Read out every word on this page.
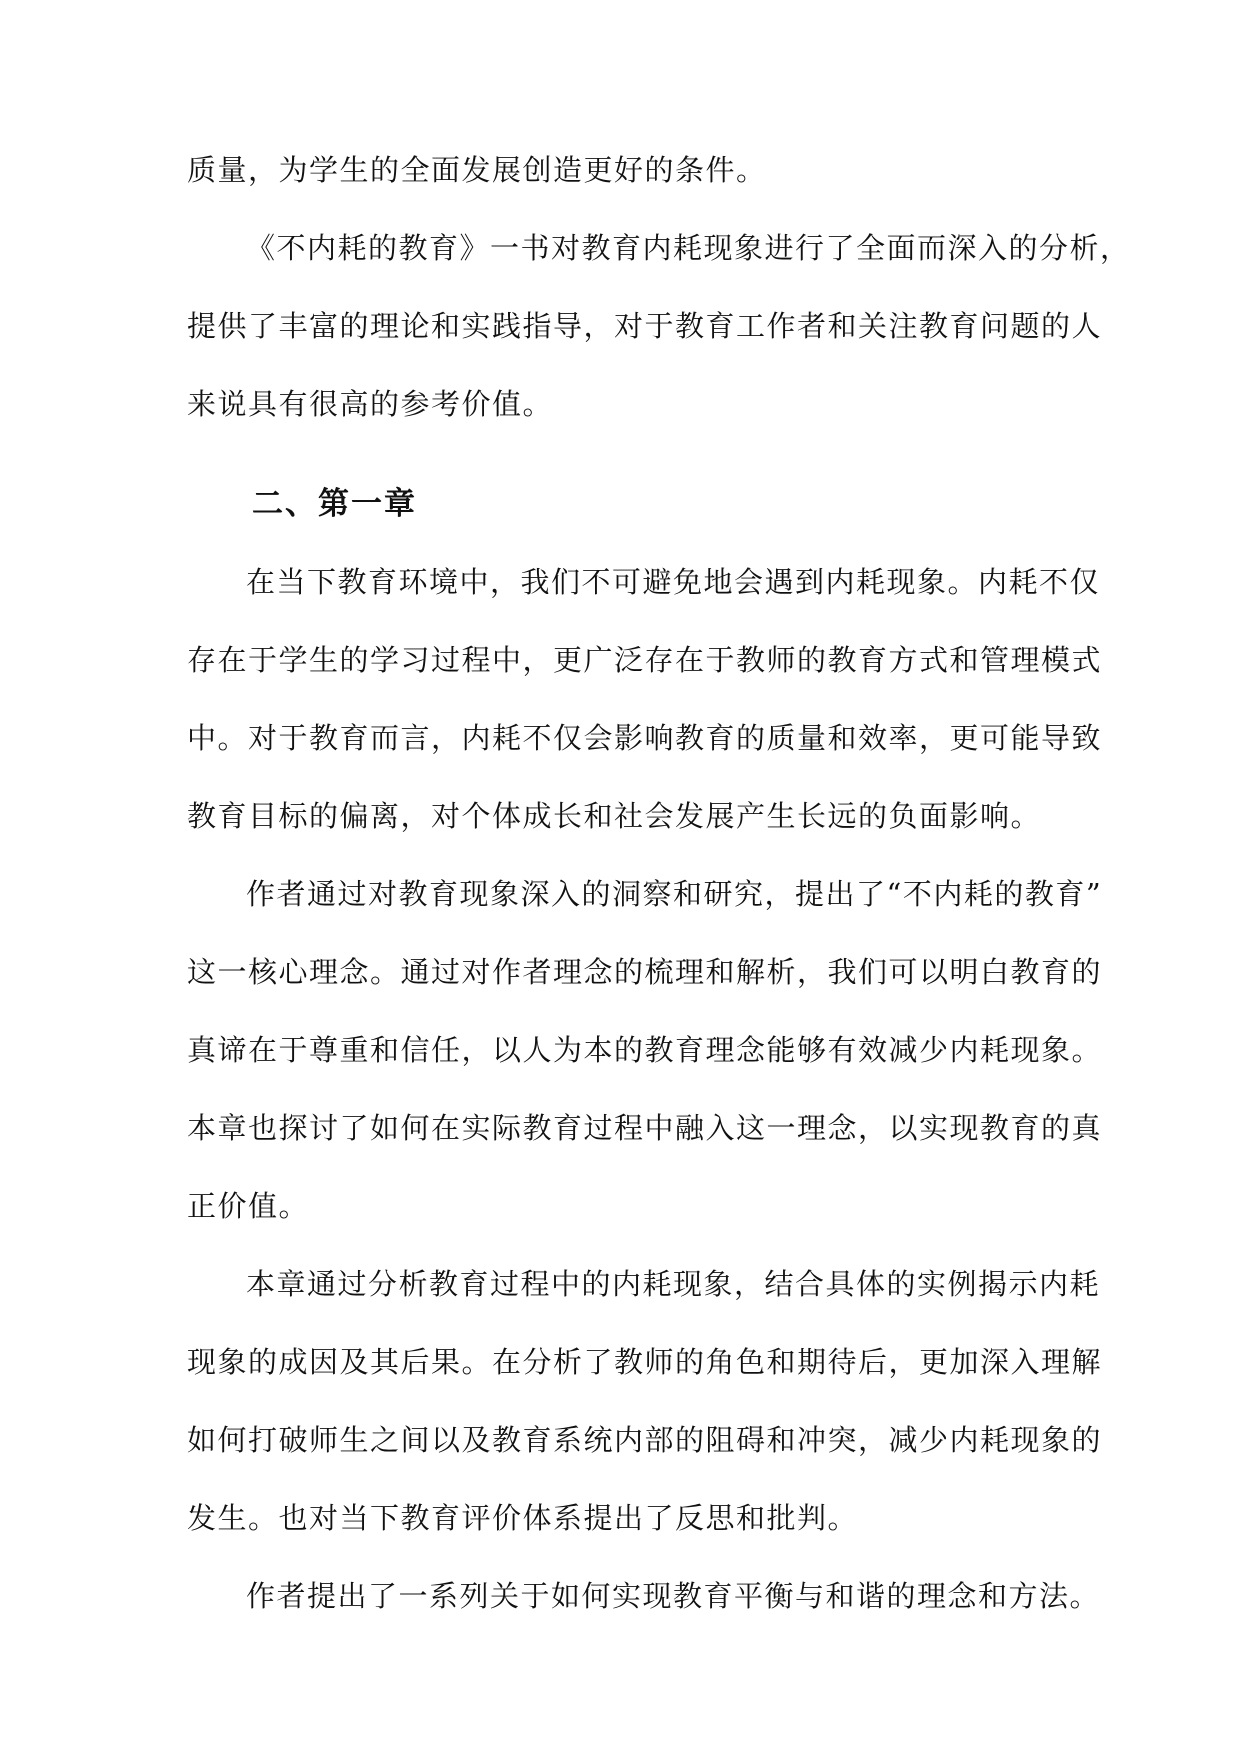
质量，为学生的全面发展创造更好的条件。
《不内耗的教育》一书对教育内耗现象进行了全面而深入的分析，
提供了丰富的理论和实践指导，对于教育工作者和关注教育问题的人
来说具有很高的参考价值。
二、第一章
在当下教育环境中，我们不可避免地会遇到内耗现象。内耗不仅
存在于学生的学习过程中，更广泛存在于教师的教育方式和管理模式
中。对于教育而言，内耗不仅会影响教育的质量和效率，更可能导致
教育目标的偏离，对个体成长和社会发展产生长远的负面影响。
作者通过对教育现象深入的洞察和研究，提出了“不内耗的教育”
这一核心理念。通过对作者理念的梳理和解析，我们可以明白教育的
真谛在于尊重和信任，以人为本的教育理念能够有效减少内耗现象。
本章也探讨了如何在实际教育过程中融入这一理念，以实现教育的真
正价值。
本章通过分析教育过程中的内耗现象，结合具体的实例揭示内耗
现象的成因及其后果。在分析了教师的角色和期待后，更加深入理解
如何打破师生之间以及教育系统内部的阻碍和冲突，减少内耗现象的
发生。也对当下教育评价体系提出了反思和批判。
作者提出了一系列关于如何实现教育平衡与和谐的理念和方法。
